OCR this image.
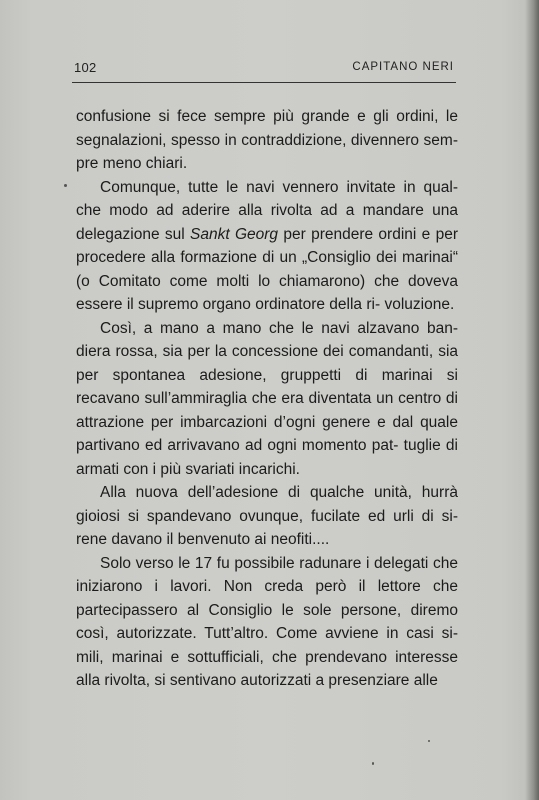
102	CAPITANO NERI

confusione si fece sempre più grande e gli ordini, le segnalazioni, spesso in contraddizione, divennero sem- pre meno chiari.

Comunque, tutte le navi vennero invitate in qual- che modo ad aderire alla rivolta ad a mandare una delegazione sul Sankt Georg per prendere ordini e per procedere alla formazione di un „Consiglio dei marinai“ (o Comitato come molti lo chiamarono) che doveva essere il supremo organo ordinatore della ri- voluzione.

Così, a mano a mano che le navi alzavano ban- diera rossa, sia per la concessione dei comandanti, sia per spontanea adesione, gruppetti di marinai si recavano sull’ammiraglia che era diventata un centro di attrazione per imbarcazioni d’ogni genere e dal quale partivano ed arrivavano ad ogni momento pat- tuglie di armati con i più svariati incarichi.

Alla nuova dell’adesione di qualche unità, hurrà gioiosi si spandevano ovunque, fucilate ed urli di si- rene davano il benvenuto ai neofiti....

Solo verso le 17 fu possibile radunare i delegati che iniziarono i lavori. Non creda però il lettore che partecipassero al Consiglio le sole persone, diremo così, autorizzate. Tutt’altro. Come avviene in casi si- mili, marinai e sottufficiali, che prendevano interesse alla rivolta, si sentivano autorizzati a presenziare alle
